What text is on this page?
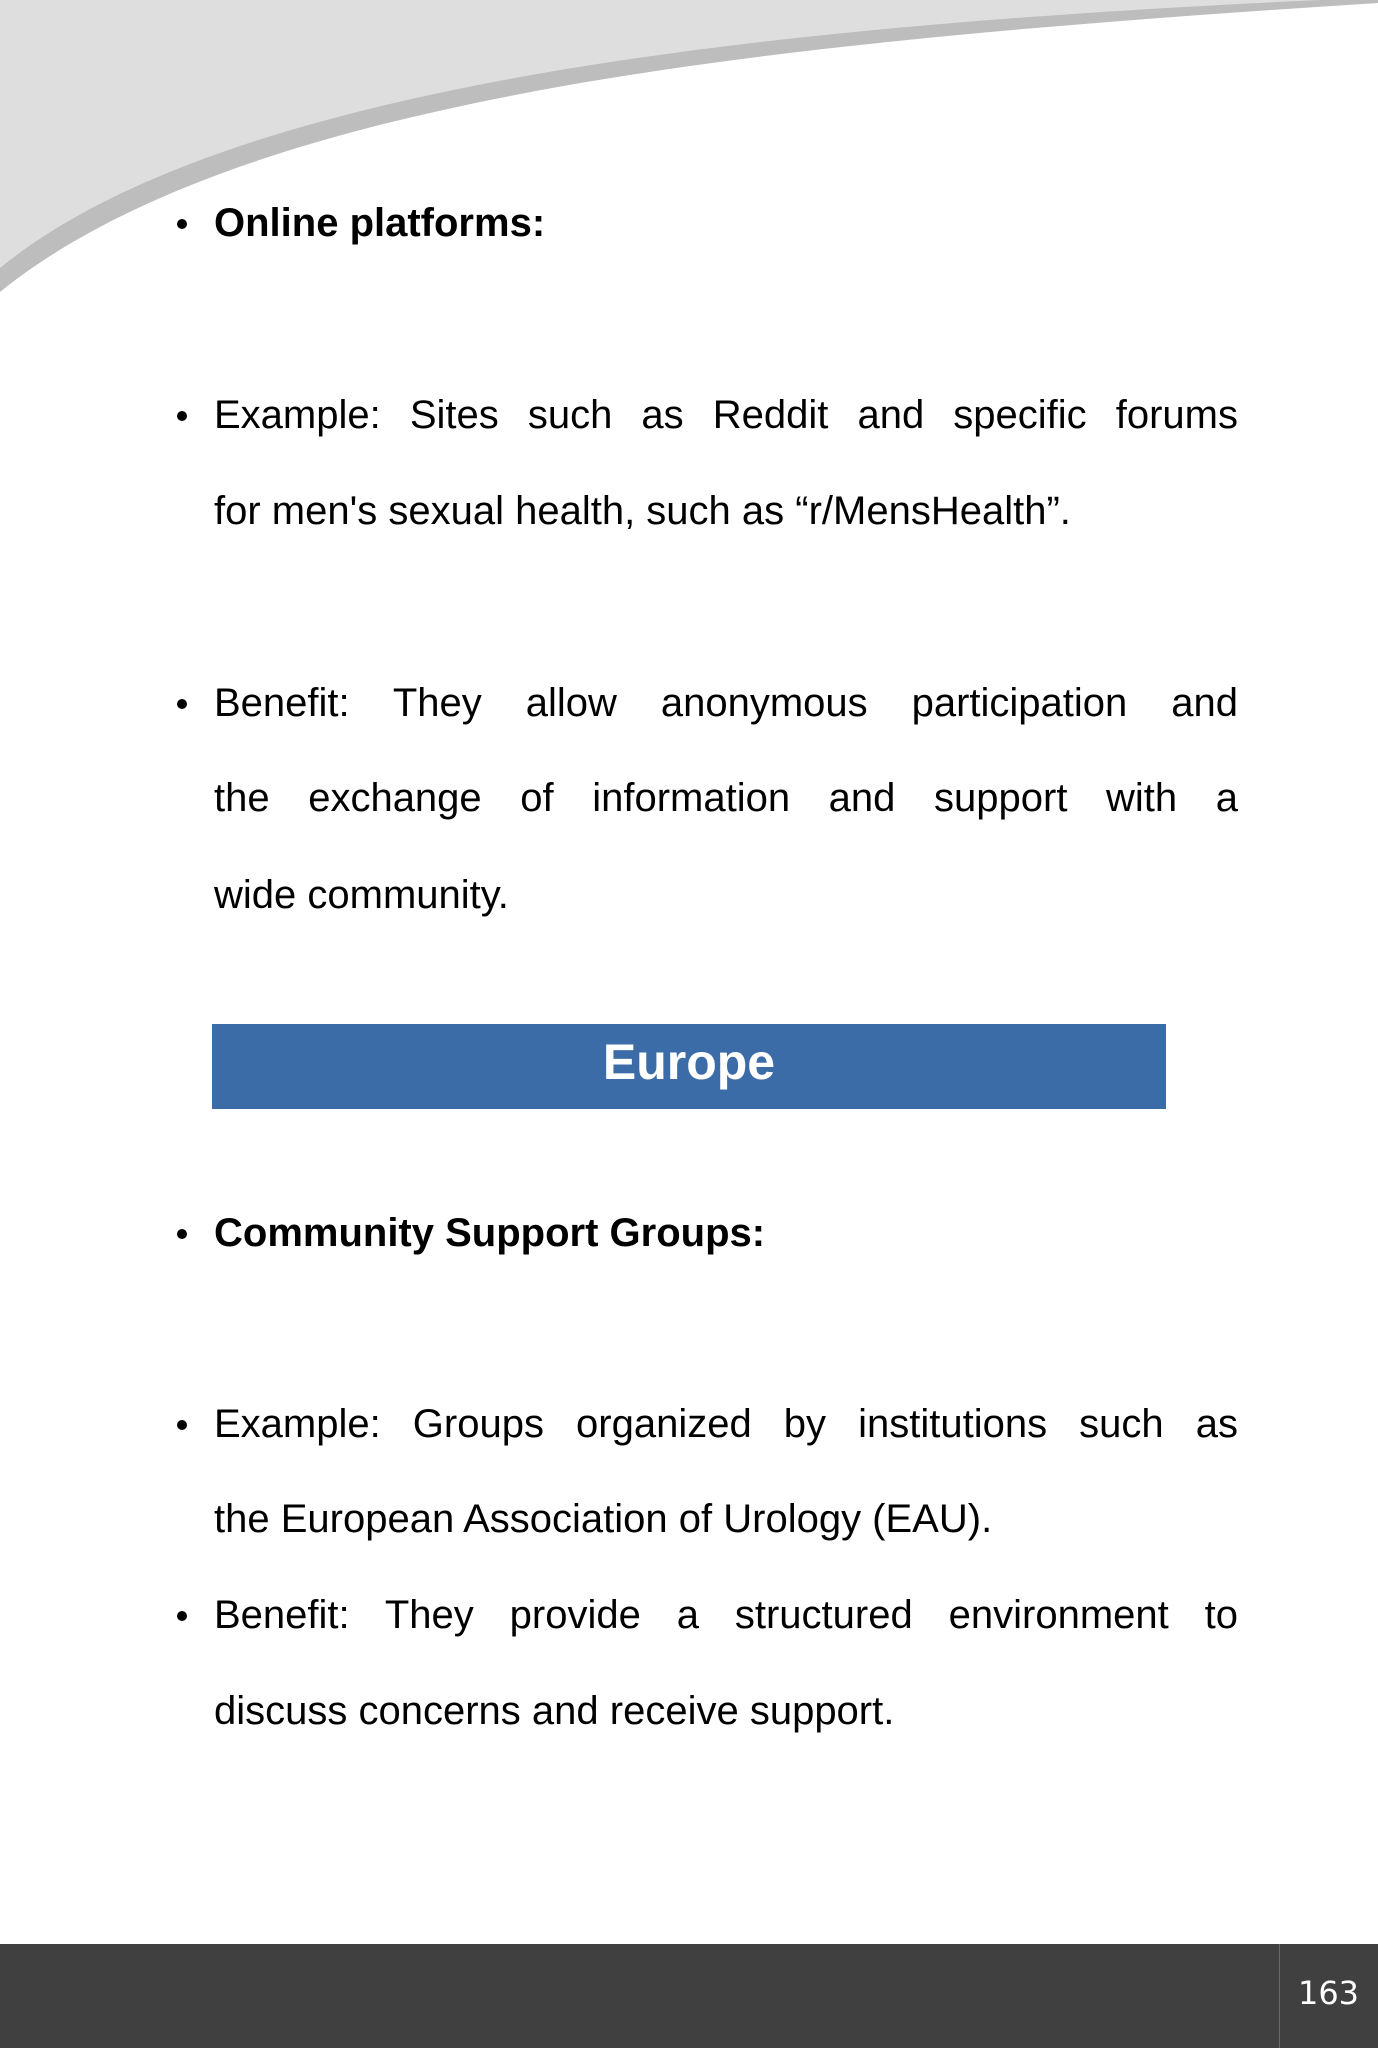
Online platforms:
Example: Sites such as Reddit and specific forums
for men's sexual health, such as “r/MensHealth”.
Benefit: They allow anonymous participation and
the exchange of information and support with a
wide community.
Europe
Community Support Groups:
Example: Groups organized by institutions such as
the European Association of Urology (EAU).
Benefit: They provide a structured environment to
discuss concerns and receive support.
163
